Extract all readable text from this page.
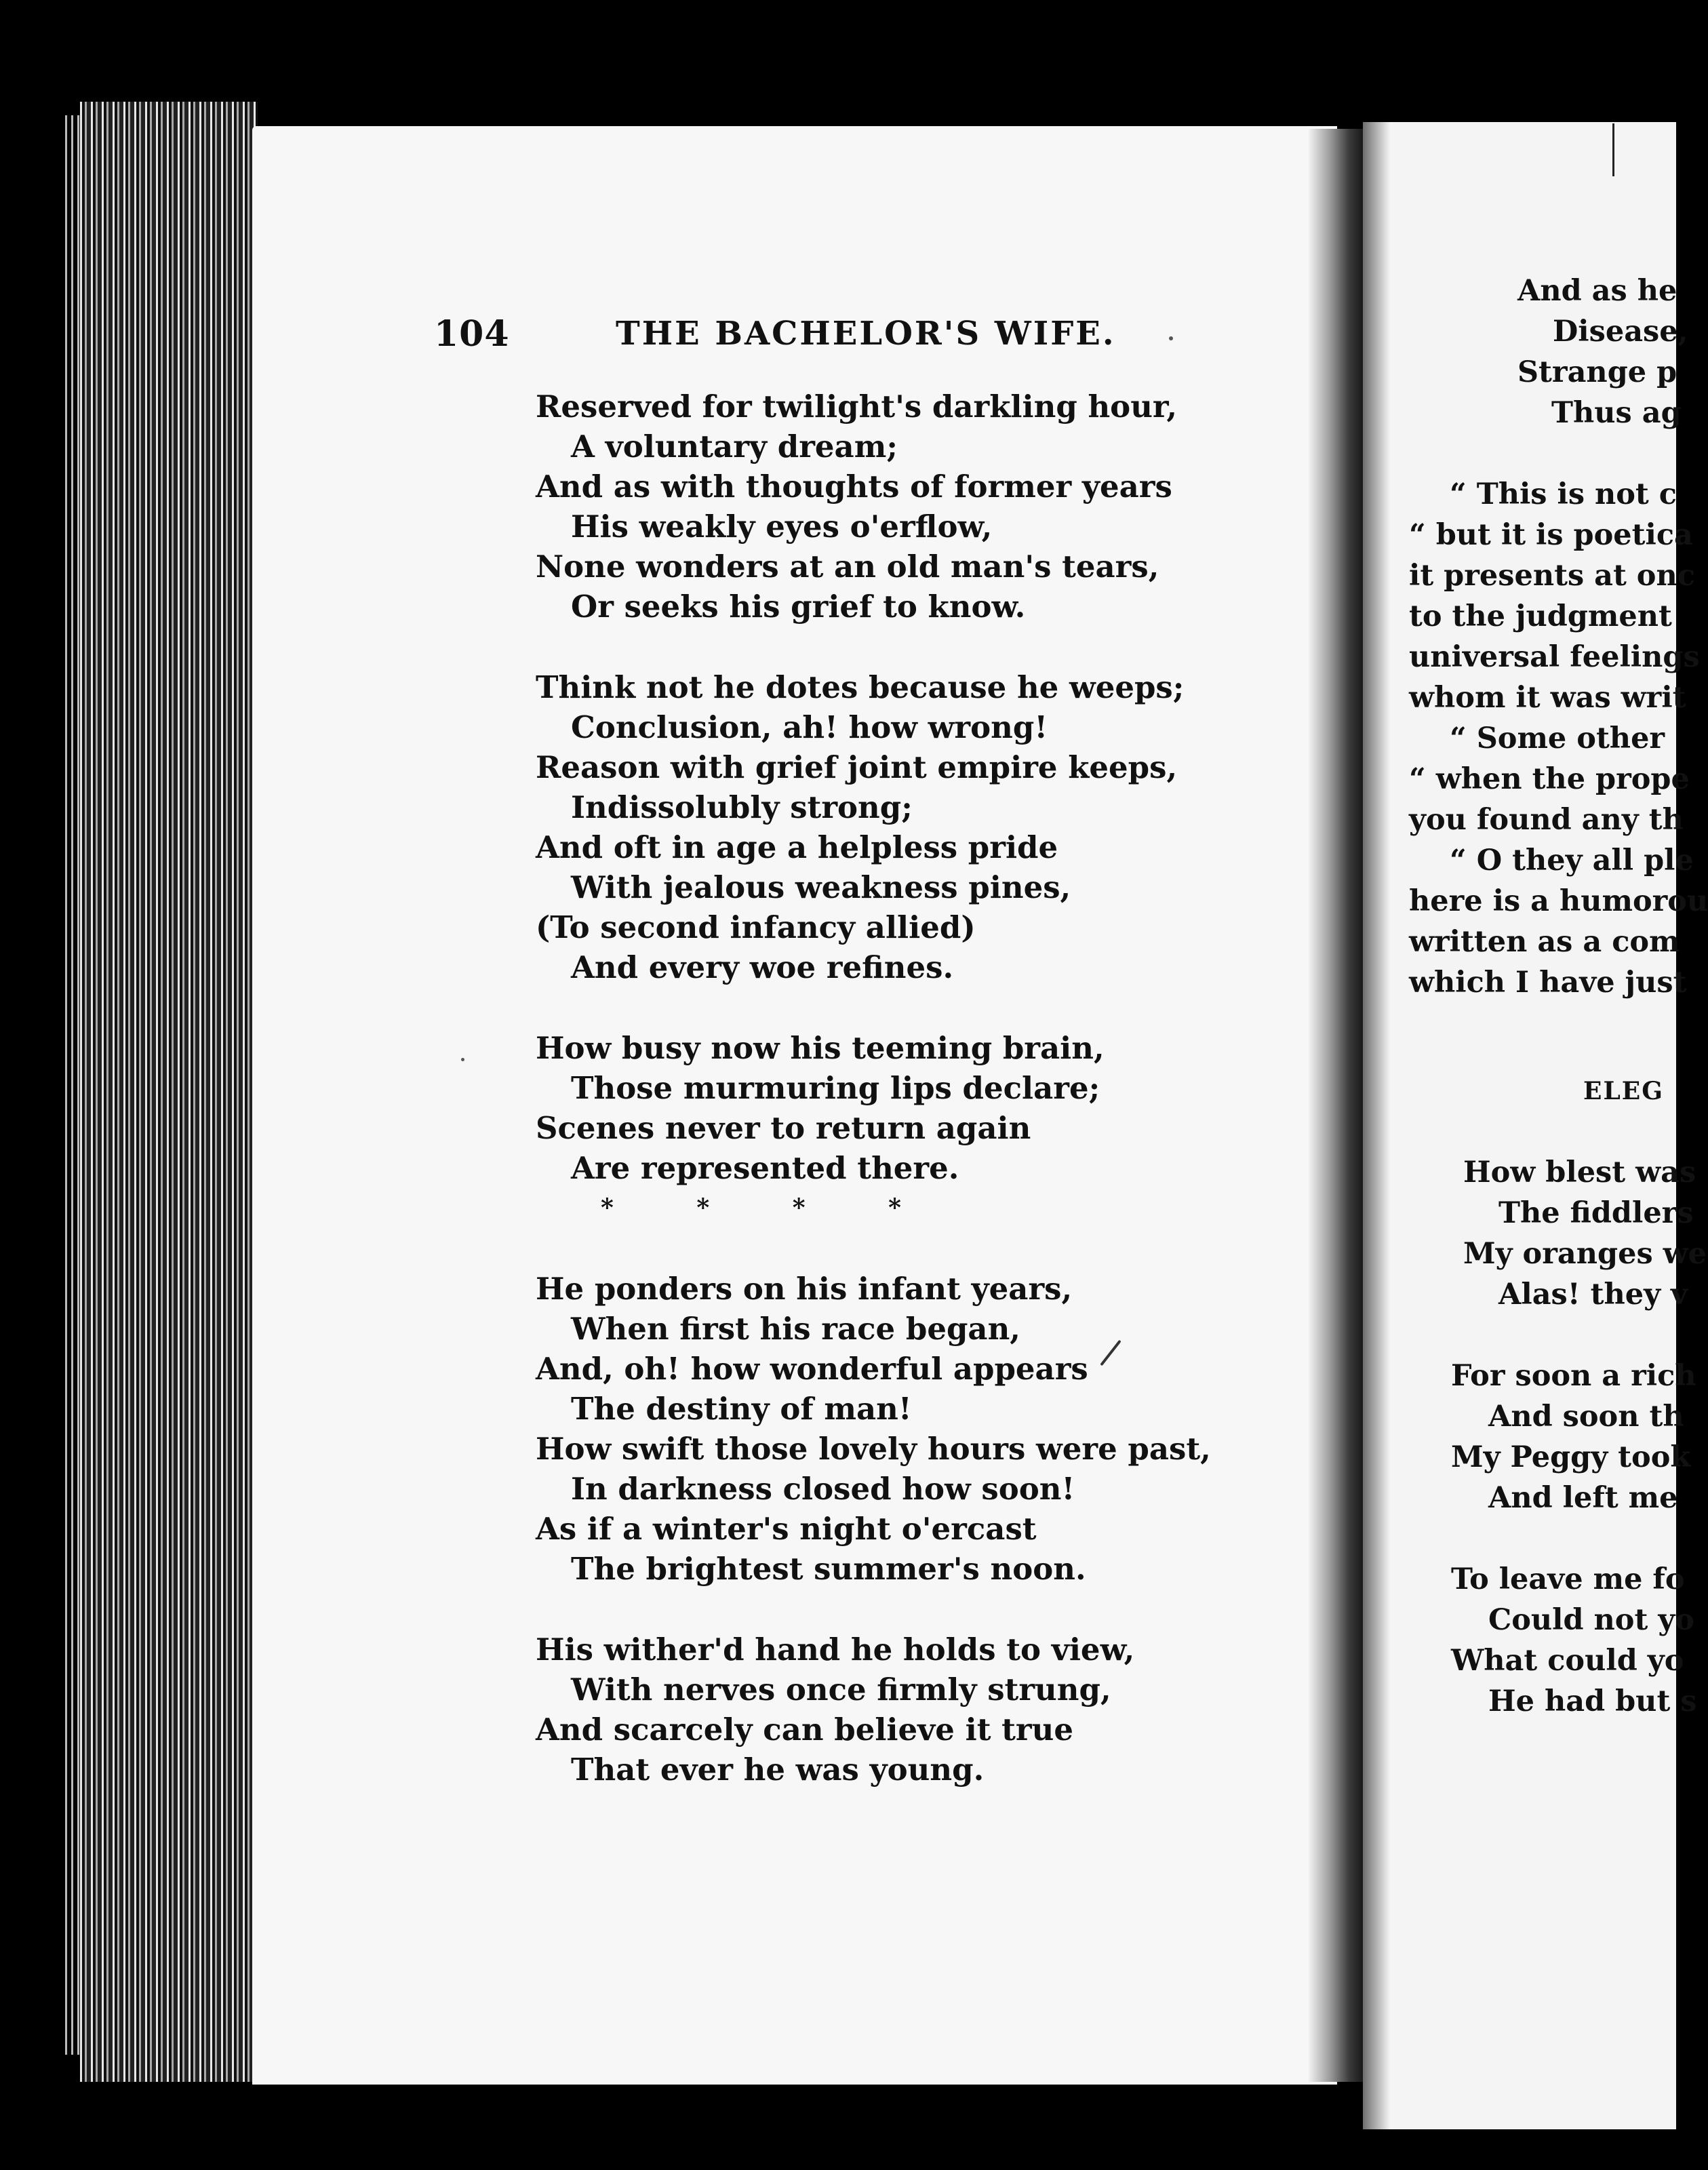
And as he
Disease,
Strange p
Thus ag
“ This is not c
“ but it is poetica
it presents at onc
to the judgment
universal feelings
whom it was writ
“ Some other
“ when the prope
you found any th
“ O they all ple
here is a humorou
written as a com
which I have just
ELEG
How blest was
The fiddlers
My oranges we
Alas! they v
For soon a rich
And soon th
My Peggy took
And left me
To leave me fo
Could not yo
What could yo
He had but s
104	THE BACHELOR'S WIFE.
Reserved for twilight's darkling hour,
A voluntary dream;
And as with thoughts of former years
His weakly eyes o'erflow,
None wonders at an old man's tears,
Or seeks his grief to know.
Think not he dotes because he weeps;
Conclusion, ah! how wrong!
Reason with grief joint empire keeps,
Indissolubly strong;
And oft in age a helpless pride
With jealous weakness pines,
(To second infancy allied)
And every woe refines.
How busy now his teeming brain,
Those murmuring lips declare;
Scenes never to return again
Are represented there.
* * * *
He ponders on his infant years,
When first his race began,
And, oh! how wonderful appears
The destiny of man!
How swift those lovely hours were past,
In darkness closed how soon!
As if a winter's night o'ercast
The brightest summer's noon.
His wither'd hand he holds to view,
With nerves once firmly strung,
And scarcely can believe it true
That ever he was young.
